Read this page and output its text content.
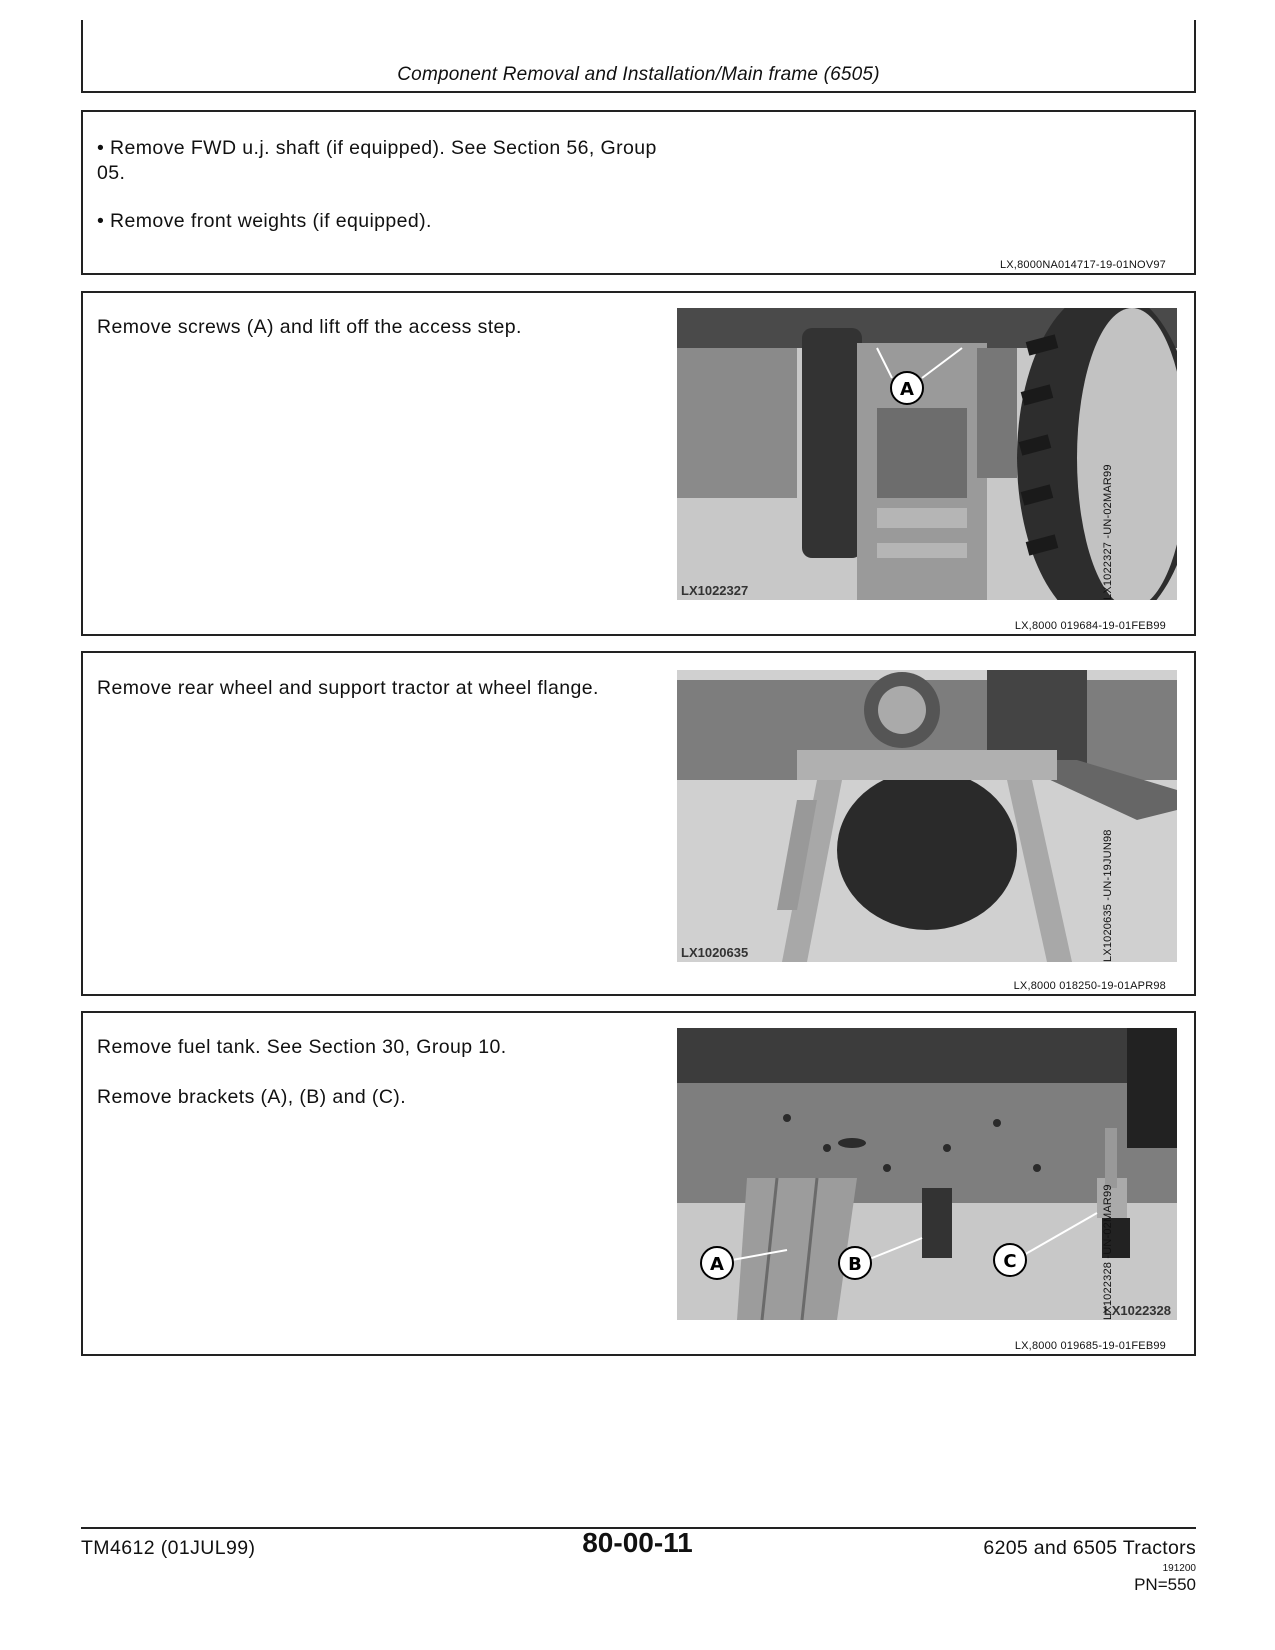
Component Removal and Installation/Main frame (6505)

• Remove FWD u.j. shaft (if equipped). See Section 56, Group 05.

• Remove front weights (if equipped).

LX,8000NA014717-19-01NOV97

Remove screws (A) and lift off the access step.

A
LX1022327	LX1022327 -UN-02MAR99
LX,8000 019684-19-01FEB99

Remove rear wheel and support tractor at wheel flange.

LX1020635	LX1020635 -UN-19JUN98
LX,8000 018250-19-01APR98

Remove fuel tank. See Section 30, Group 10.

Remove brackets (A), (B) and (C).

A	B	C
LX1022328
LX1022328 -UN-02MAR99
LX,8000 019685-19-01FEB99
TM4612 (01JUL99)	80-00-11	6205 and 6505 Tractors
191200
PN=550
